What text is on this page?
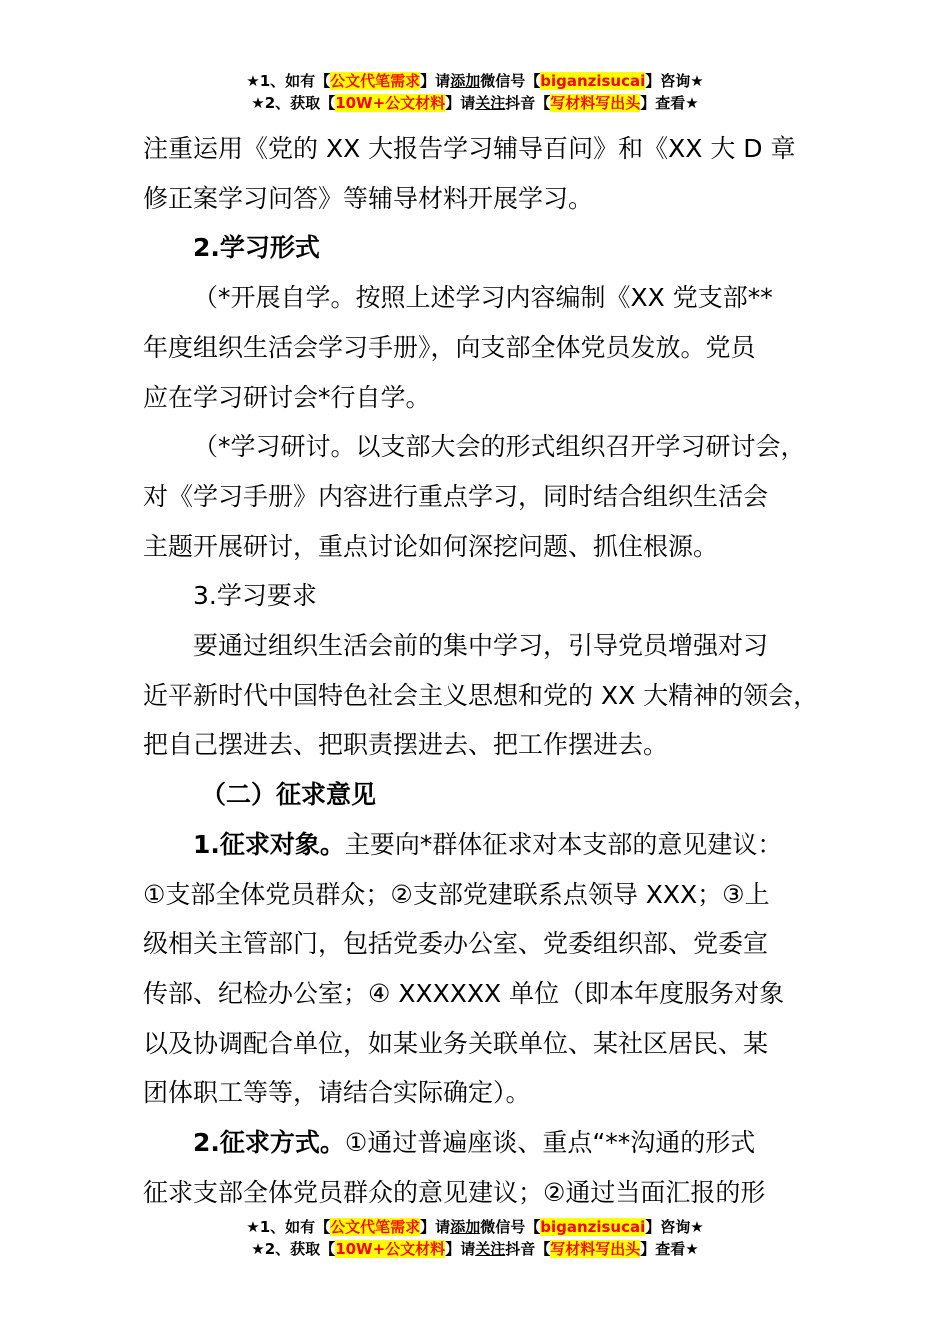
★1、如有【公文代笔需求】请添加微信号【biganzisucai】咨询★
★2、获取【10W+公文材料】请关注抖音【写材料写出头】查看★

注重运用《党的 XX 大报告学习辅导百问》和《XX 大 D 章

修正案学习问答》等辅导材料开展学习。

2.学习形式

（*开展自学。按照上述学习内容编制《XX 党支部**

年度组织生活会学习手册》，向支部全体党员发放。党员

应在学习研讨会*行自学。

（*学习研讨。以支部大会的形式组织召开学习研讨会，

对《学习手册》内容进行重点学习，同时结合组织生活会

主题开展研讨，重点讨论如何深挖问题、抓住根源。

3.学习要求

要通过组织生活会前的集中学习，引导党员增强对习

近平新时代中国特色社会主义思想和党的 XX 大精神的领会，

把自己摆进去、把职责摆进去、把工作摆进去。

（二）征求意见

1.征求对象。主要向*群体征求对本支部的意见建议：

①支部全体党员群众；②支部党建联系点领导 XXX；③上

级相关主管部门，包括党委办公室、党委组织部、党委宣

传部、纪检办公室；④ XXXXXX 单位（即本年度服务对象

以及协调配合单位，如某业务关联单位、某社区居民、某

团体职工等等，请结合实际确定）。

2.征求方式。①通过普遍座谈、重点“**沟通的形式

征求支部全体党员群众的意见建议；②通过当面汇报的形

★1、如有【公文代笔需求】请添加微信号【biganzisucai】咨询★
★2、获取【10W+公文材料】请关注抖音【写材料写出头】查看★
